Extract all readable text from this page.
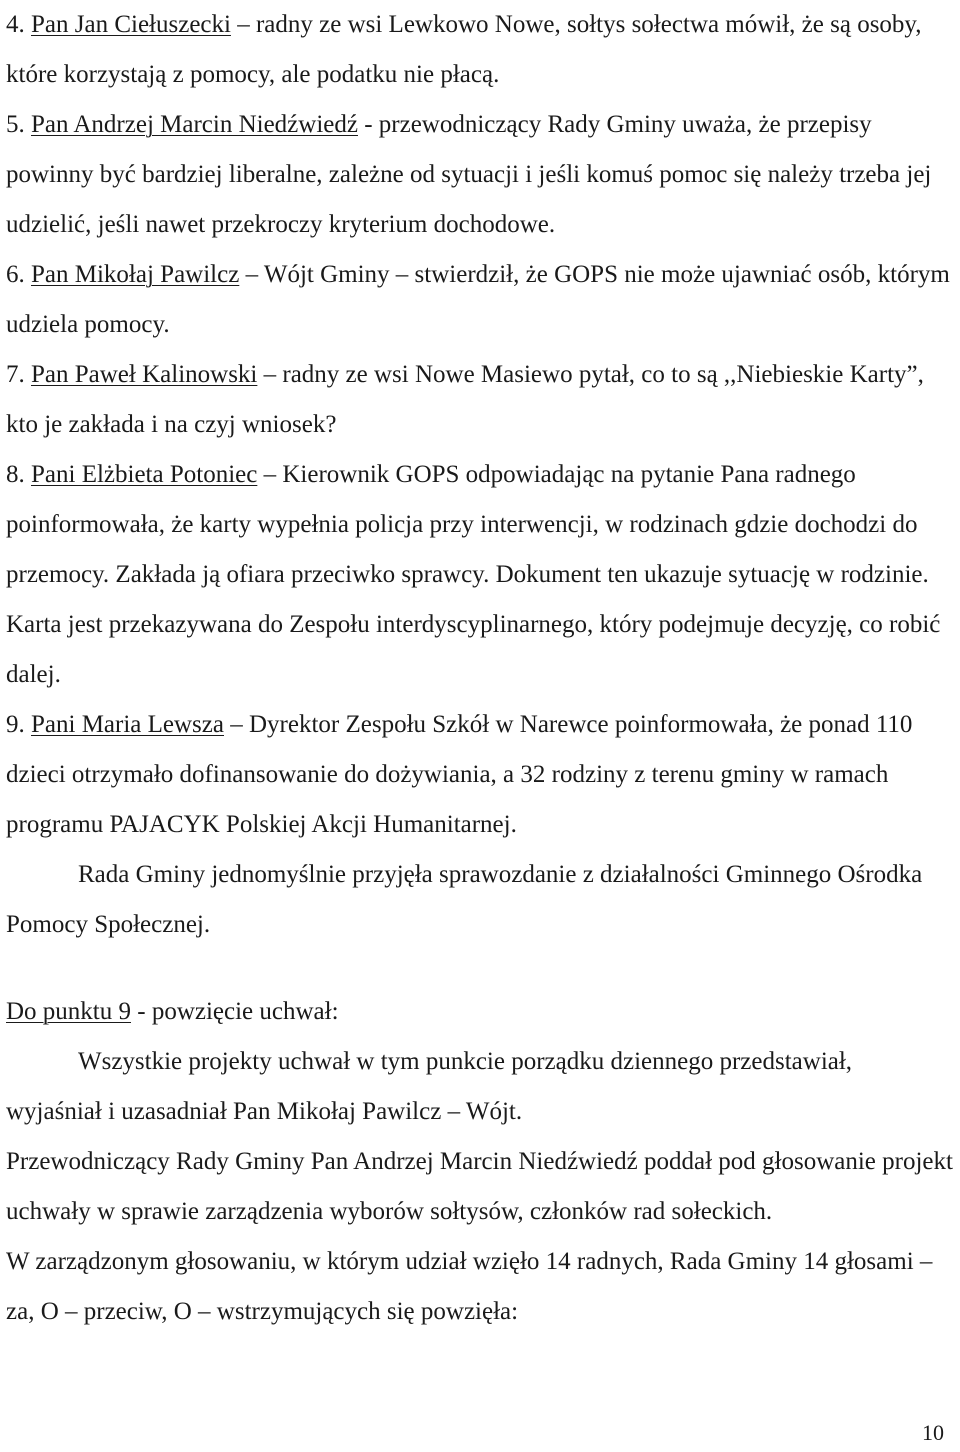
4. Pan Jan Ciełuszecki – radny ze wsi Lewkowo Nowe, sołtys sołectwa mówił, że są osoby, które korzystają z pomocy, ale podatku nie płacą.

5. Pan Andrzej Marcin Niedźwiedź - przewodniczący Rady Gminy uważa, że przepisy powinny być bardziej liberalne, zależne od sytuacji i jeśli komuś pomoc się należy trzeba jej udzielić, jeśli nawet przekroczy kryterium dochodowe.

6. Pan Mikołaj Pawilcz – Wójt Gminy – stwierdził, że GOPS nie może ujawniać osób, którym udziela pomocy.

7. Pan Paweł Kalinowski – radny ze wsi Nowe Masiewo pytał, co to są ,,Niebieskie Karty”, kto je zakłada i na czyj wniosek?

8. Pani Elżbieta Potoniec – Kierownik GOPS odpowiadając na pytanie Pana radnego poinformowała, że karty wypełnia policja przy interwencji, w rodzinach gdzie dochodzi do przemocy. Zakłada ją ofiara przeciwko sprawcy. Dokument ten ukazuje sytuację w rodzinie. Karta jest przekazywana do Zespołu interdyscyplinarnego, który podejmuje decyzję, co robić dalej.

9. Pani Maria Lewsza – Dyrektor Zespołu Szkół w Narewce poinformowała, że ponad 110 dzieci otrzymało dofinansowanie do dożywiania, a 32 rodziny z terenu gminy w ramach programu PAJACYK Polskiej Akcji Humanitarnej.

Rada Gminy jednomyślnie przyjęła sprawozdanie z działalności Gminnego Ośrodka Pomocy Społecznej.

Do punktu 9 - powzięcie uchwał:

Wszystkie projekty uchwał w tym punkcie porządku dziennego przedstawiał, wyjaśniał i uzasadniał Pan Mikołaj Pawilcz – Wójt.

Przewodniczący Rady Gminy Pan Andrzej Marcin Niedźwiedź poddał pod głosowanie projekt uchwały w sprawie zarządzenia wyborów sołtysów, członków rad sołeckich.

W zarządzonym głosowaniu, w którym udział wzięło 14 radnych, Rada Gminy 14 głosami – za, O – przeciw, O – wstrzymujących się powzięła:

10
